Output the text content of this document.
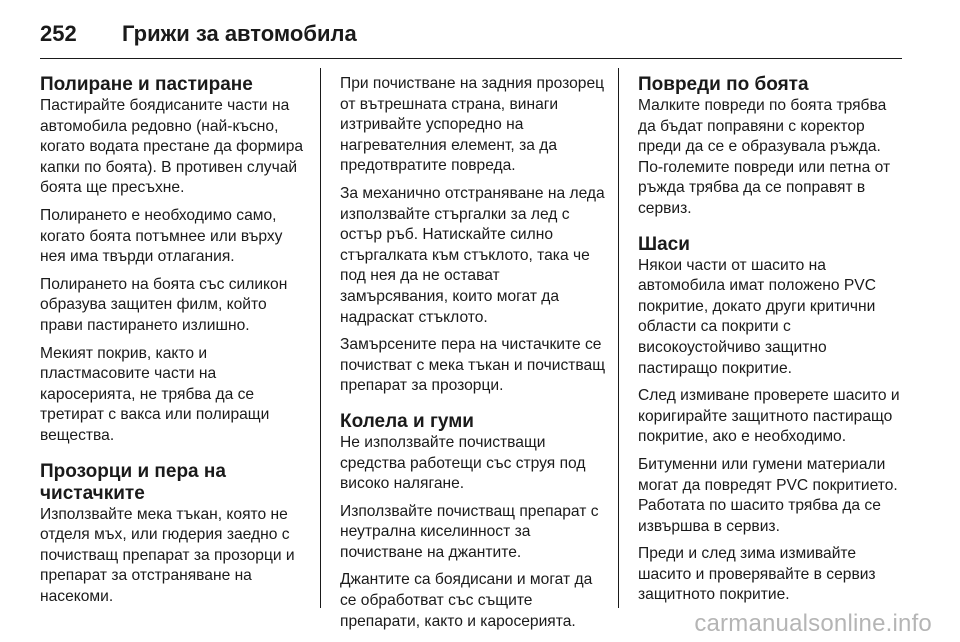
252	Грижи за автомобила
Полиране и пастиране

Пастирайте боядисаните части на автомобила редовно (най-късно, когато водата престане да формира капки по боята). В противен случай боята ще пресъхне.

Полирането е необходимо само, когато боята потъмнее или върху нея има твърди отлагания.

Полирането на боята със силикон образува защитен филм, който прави пастирането излишно.

Мекият покрив, както и пластмасовите части на каросерията, не трябва да се третират с вакса или полиращи вещества.

Прозорци и пера на чистачките

Използвайте мека тъкан, която не отделя мъх, или гюдерия заедно с почистващ препарат за прозорци и препарат за отстраняване на насекоми.

При почистване на задния прозорец от вътрешната страна, винаги изтривайте успоредно на нагревателния елемент, за да предотвратите повреда.

За механично отстраняване на леда използвайте стъргалки за лед с остър ръб. Натискайте силно стъргалката към стъклото, така че под нея да не остават замърсявания, които могат да надраскат стъклото.

Замърсените пера на чистачките се почистват с мека тъкан и почистващ препарат за прозорци.

Колела и гуми

Не използвайте почистващи средства работещи със струя под високо налягане.

Използвайте почистващ препарат с неутрална киселинност за почистване на джантите.

Джантите са боядисани и могат да се обработват със същите препарати, както и каросерията.

Повреди по боята

Малките повреди по боята трябва да бъдат поправяни с коректор преди да се е образувала ръжда. По-големите повреди или петна от ръжда трябва да се поправят в сервиз.

Шаси

Някои части от шасито на автомобила имат положено PVC покритие, докато други критични области са покрити с високоустойчиво защитно пастиращо покритие.

След измиване проверете шасито и коригирайте защитното пастиращо покритие, ако е необходимо.

Битуменни или гумени материали могат да повредят PVC покритието. Работата по шасито трябва да се извършва в сервиз.

Преди и след зима измивайте шасито и проверявайте в сервиз защитното покритие.

carmanualsonline.info
